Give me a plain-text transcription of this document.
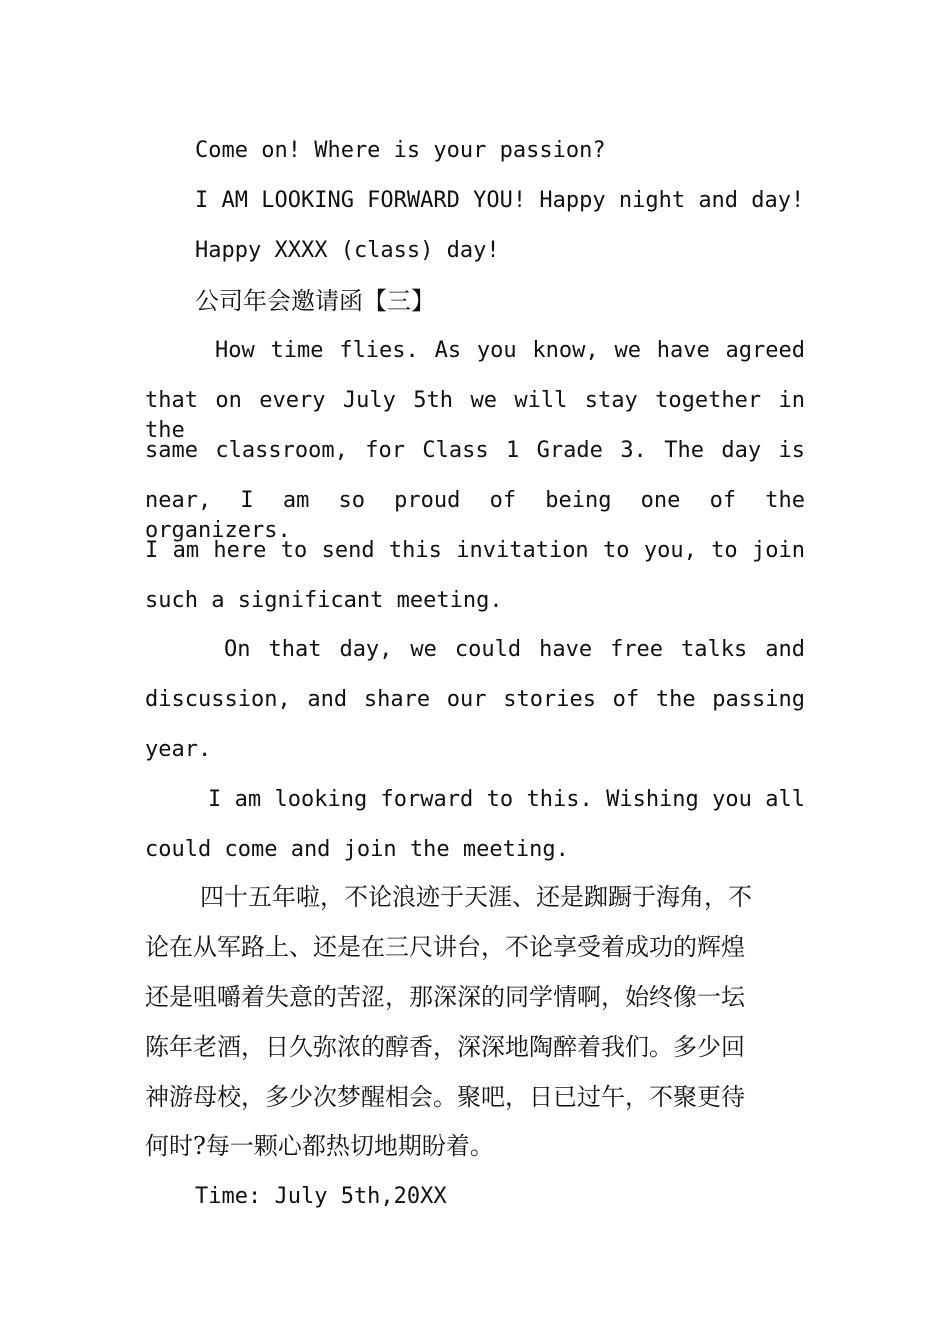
Come on! Where is your passion?
I AM LOOKING FORWARD YOU! Happy night and day!
Happy XXXX (class) day!
公司年会邀请函【三】
How time flies. As you know, we have agreed
that on every July 5th we will stay together in the
same classroom, for Class 1 Grade 3. The day is
near, I am so proud of being one of the organizers.
I am here to send this invitation to you, to join
such a significant meeting.
On that day, we could have free talks and
discussion, and share our stories of the passing
year.
I am looking forward to this. Wishing you all
could come and join the meeting.
四十五年啦，不论浪迹于天涯、还是踟蹰于海角，不
论在从军路上、还是在三尺讲台，不论享受着成功的辉煌
还是咀嚼着失意的苦涩，那深深的同学情啊，始终像一坛
陈年老酒，日久弥浓的醇香，深深地陶醉着我们。多少回
神游母校，多少次梦醒相会。聚吧，日已过午，不聚更待
何时?每一颗心都热切地期盼着。
Time: July 5th,20XX
